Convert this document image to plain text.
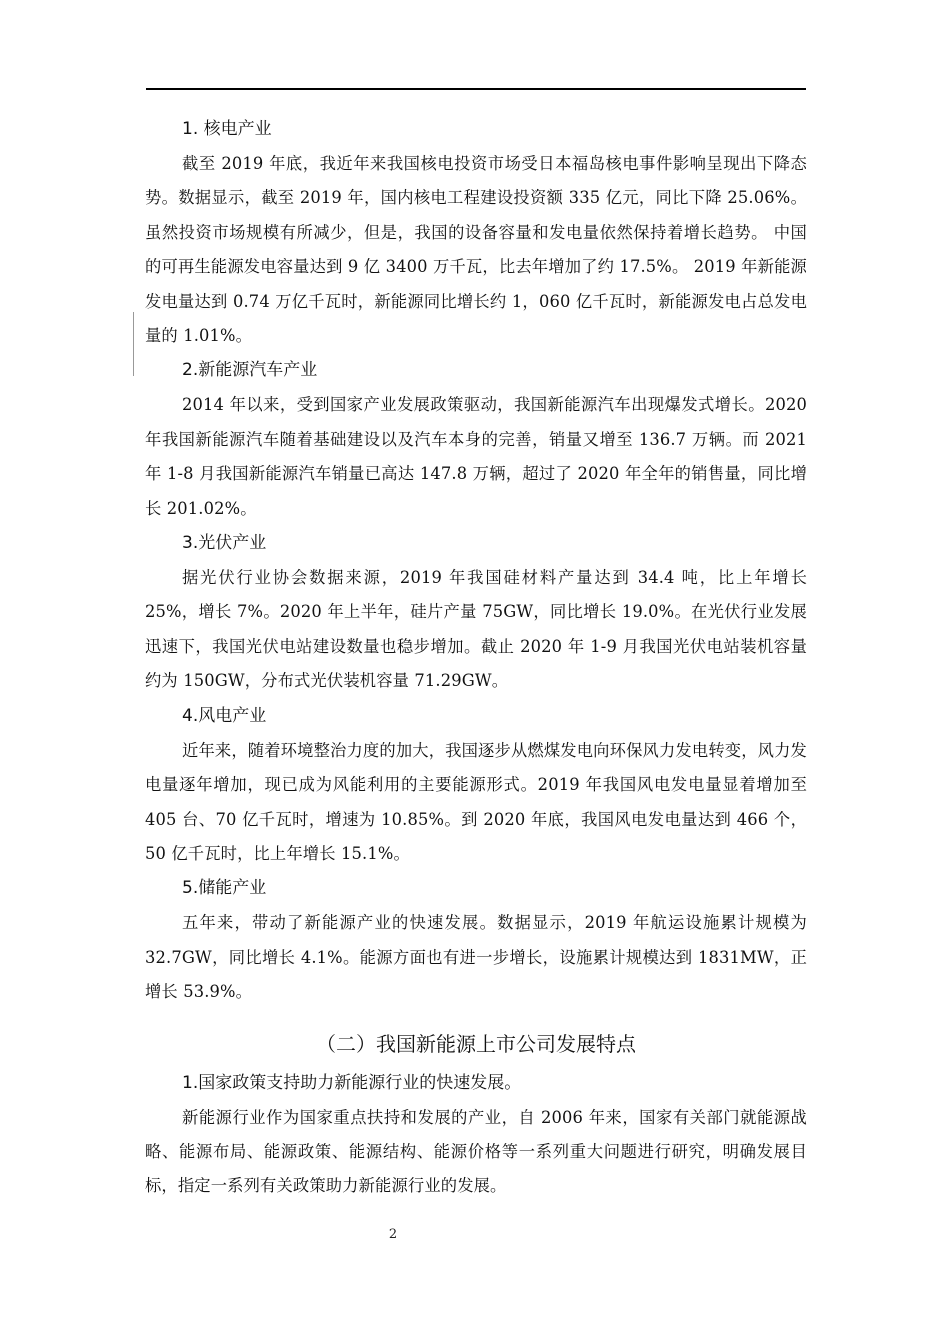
1. 核电产业

截至 2019 年底，我近年来我国核电投资市场受日本福岛核电事件影响呈现出下降态势。数据显示，截至 2019 年，国内核电工程建设投资额 335 亿元，同比下降 25.06%。虽然投资市场规模有所减少，但是，我国的设备容量和发电量依然保持着增长趋势。 中国的可再生能源发电容量达到 9 亿 3400 万千瓦，比去年增加了约 17.5%。 2019 年新能源发电量达到 0.74 万亿千瓦时，新能源同比增长约 1，060 亿千瓦时，新能源发电占总发电量的 1.01%。

2.新能源汽车产业

2014 年以来，受到国家产业发展政策驱动，我国新能源汽车出现爆发式增长。2020 年我国新能源汽车随着基础建设以及汽车本身的完善，销量又增至 136.7 万辆。而 2021 年 1-8 月我国新能源汽车销量已高达 147.8 万辆，超过了 2020 年全年的销售量，同比增长 201.02%。

3.光伏产业

据光伏行业协会数据来源，2019 年我国硅材料产量达到 34.4 吨，比上年增长 25%，增长 7%。2020 年上半年，硅片产量 75GW，同比增长 19.0%。在光伏行业发展迅速下，我国光伏电站建设数量也稳步增加。截止 2020 年 1-9 月我国光伏电站装机容量约为 150GW，分布式光伏装机容量 71.29GW。

4.风电产业

近年来，随着环境整治力度的加大，我国逐步从燃煤发电向环保风力发电转变，风力发电量逐年增加，现已成为风能利用的主要能源形式。2019 年我国风电发电量显着增加至 405 台、70 亿千瓦时，增速为 10.85%。到 2020 年底，我国风电发电量达到 466 个，50 亿千瓦时，比上年增长 15.1%。

5.储能产业

五年来，带动了新能源产业的快速发展。数据显示，2019 年航运设施累计规模为 32.7GW，同比增长 4.1%。能源方面也有进一步增长，设施累计规模达到 1831MW，正增长 53.9%。

（二）我国新能源上市公司发展特点
1.国家政策支持助力新能源行业的快速发展。

新能源行业作为国家重点扶持和发展的产业，自 2006 年来，国家有关部门就能源战略、能源布局、能源政策、能源结构、能源价格等一系列重大问题进行研究，明确发展目标，指定一系列有关政策助力新能源行业的发展。

2
